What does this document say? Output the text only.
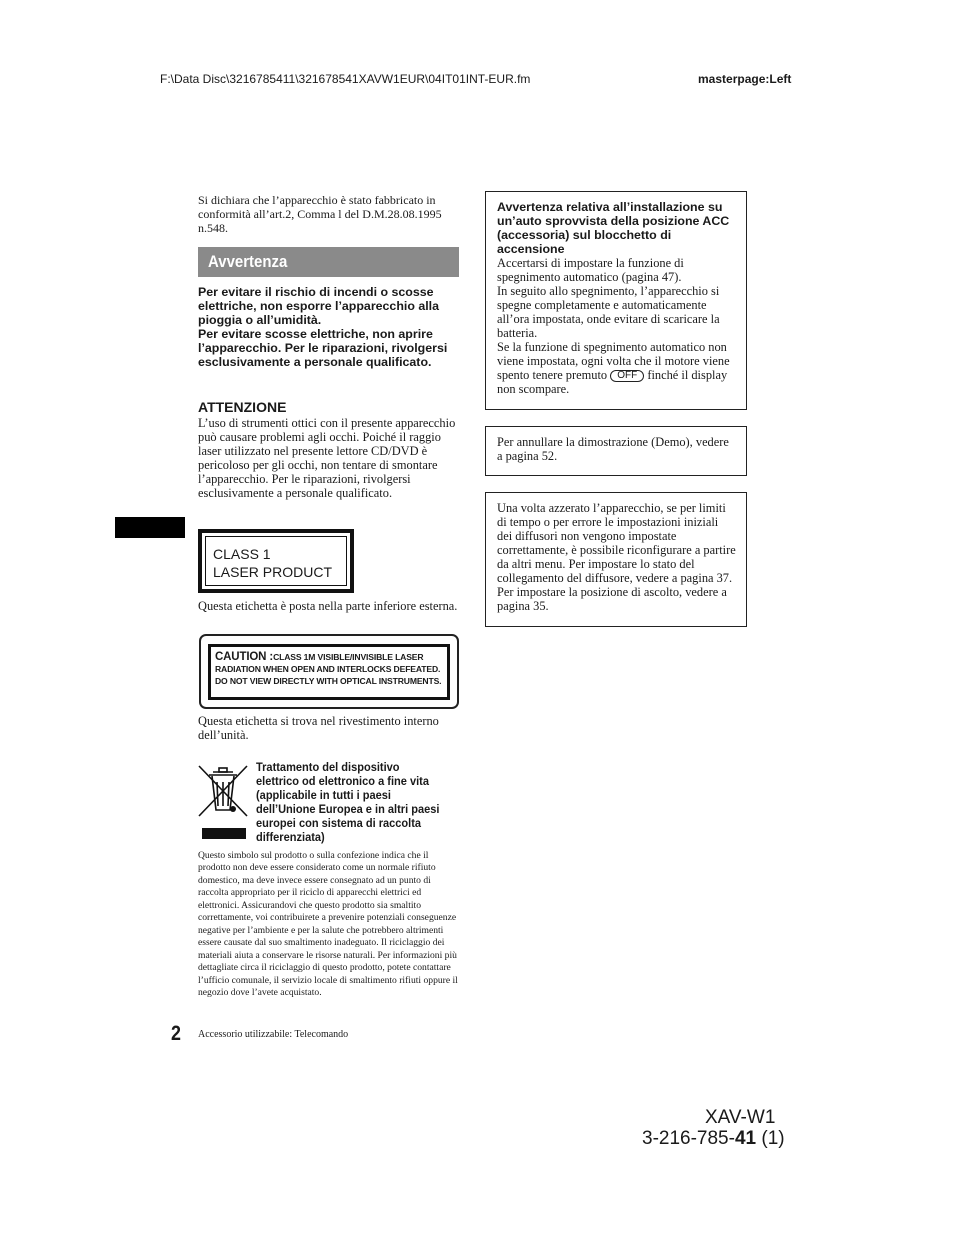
F:\Data Disc\3216785411\321678541XAVW1EUR\04IT01INT-EUR.fm	masterpage:Left
Si dichiara che l’apparecchio è stato fabbricato in conformità all’art.2, Comma l del D.M.28.08.1995 n.548.
Avvertenza
Per evitare il rischio di incendi o scosse elettriche, non esporre l’apparecchio alla pioggia o all’umidità.
Per evitare scosse elettriche, non aprire l’apparecchio. Per le riparazioni, rivolgersi esclusivamente a personale qualificato.
ATTENZIONE
L’uso di strumenti ottici con il presente apparecchio può causare problemi agli occhi. Poiché il raggio laser utilizzato nel presente lettore CD/DVD è pericoloso per gli occhi, non tentare di smontare l’apparecchio. Per le riparazioni, rivolgersi esclusivamente a personale qualificato.
CLASS 1
LASER PRODUCT
Questa etichetta è posta nella parte inferiore esterna.
CAUTION :CLASS 1M VISIBLE/INVISIBLE LASER
RADIATION WHEN OPEN AND INTERLOCKS DEFEATED.
DO NOT VIEW DIRECTLY WITH OPTICAL INSTRUMENTS.
Questa etichetta si trova nel rivestimento interno dell’unità.
Trattamento del dispositivo elettrico od elettronico a fine vita (applicabile in tutti i paesi dell’Unione Europea e in altri paesi europei con sistema di raccolta differenziata)
Questo simbolo sul prodotto o sulla confezione indica che il prodotto non deve essere considerato come un normale rifiuto domestico, ma deve invece essere consegnato ad un punto di raccolta appropriato per il riciclo di apparecchi elettrici ed elettronici. Assicurandovi che questo prodotto sia smaltito correttamente, voi contribuirete a prevenire potenziali conseguenze negative per l’ambiente e per la salute che potrebbero altrimenti essere causate dal suo smaltimento inadeguato. Il riciclaggio dei materiali aiuta a conservare le risorse naturali. Per informazioni più dettagliate circa il riciclaggio di questo prodotto, potete contattare l’ufficio comunale, il servizio locale di smaltimento rifiuti oppure il negozio dove l’avete acquistato.
2 Accessorio utilizzabile: Telecomando
Avvertenza relativa all’installazione su un’auto sprovvista della posizione ACC (accessoria) sul blocchetto di accensione
Accertarsi di impostare la funzione di spegnimento automatico (pagina 47).
In seguito allo spegnimento, l’apparecchio si spegne completamente e automaticamente all’ora impostata, onde evitare di scaricare la batteria.
Se la funzione di spegnimento automatico non viene impostata, ogni volta che il motore viene spento tenere premuto OFF finché il display non scompare.
Per annullare la dimostrazione (Demo), vedere a pagina 52.
Una volta azzerato l’apparecchio, se per limiti di tempo o per errore le impostazioni iniziali dei diffusori non vengono impostate correttamente, è possibile riconfigurare a partire da altri menu. Per impostare lo stato del collegamento del diffusore, vedere a pagina 37. Per impostare la posizione di ascolto, vedere a pagina 35.
XAV-W1
3-216-785-41 (1)
